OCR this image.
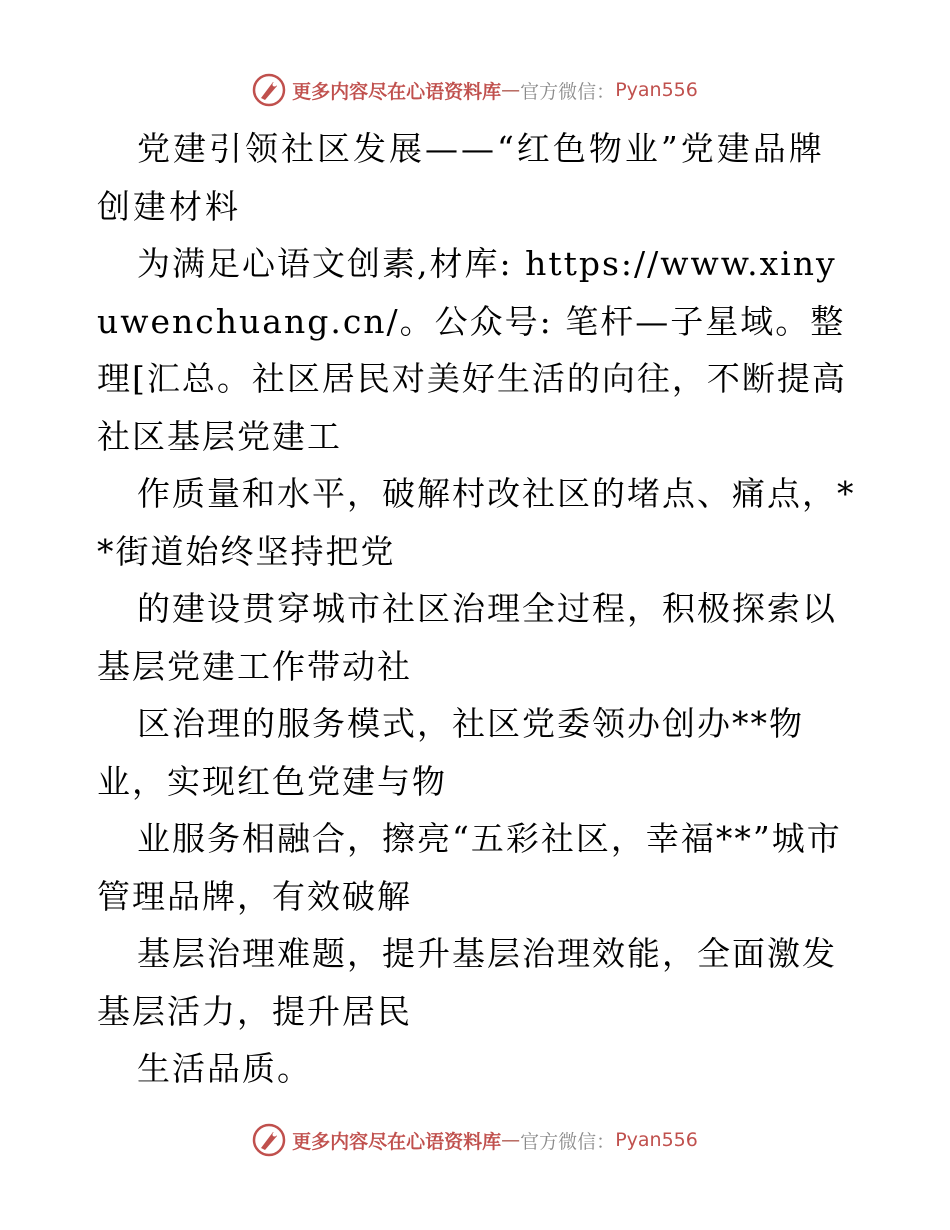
更多内容尽在心语资料库 — 官方微信： Pyan556

党建引领社区发展——“红色物业”党建品牌创建材料

为满足心语文创素,材库: https://www.xinyuwenchuang.cn/。公众号: 笔杆—子星域。整理[汇总。社区居民对美好生活的向往，不断提高社区基层党建工

作质量和水平，破解村改社区的堵点、痛点，**街道始终坚持把党

的建设贯穿城市社区治理全过程，积极探索以基层党建工作带动社

区治理的服务模式，社区党委领办创办**物业，实现红色党建与物

业服务相融合，擦亮“五彩社区，幸福**”城市管理品牌，有效破解

基层治理难题，提升基层治理效能，全面激发基层活力，提升居民

生活品质。

更多内容尽在心语资料库 — 官方微信： Pyan556
